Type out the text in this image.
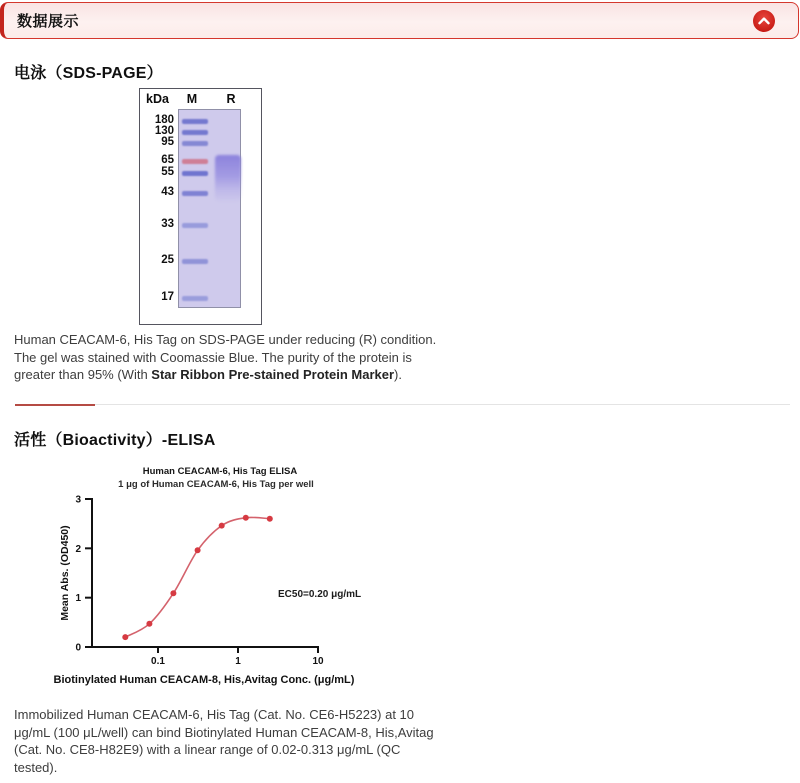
数据展示
电泳（SDS-PAGE）
kDa M R
180
130
95
65
55
43
33
25
17

Human CEACAM-6, His Tag on SDS-PAGE under reducing (R) condition. The gel was stained with Coomassie Blue. The purity of the protein is greater than 95% (With Star Ribbon Pre-stained Protein Marker).

活性（Bioactivity）-ELISA
Human CEACAM-6, His Tag ELISA
1 μg of Human CEACAM-6, His Tag per well
Mean Abs. (OD450)
Biotinylated Human CEACAM-8, His,Avitag Conc. (μg/mL)
0
1
2
3
0.1	1	10
EC50=0.20 μg/mL

Immobilized Human CEACAM-6, His Tag (Cat. No. CE6-H5223) at 10 μg/mL (100 μL/well) can bind Biotinylated Human CEACAM-8, His,Avitag (Cat. No. CE8-H82E9) with a linear range of 0.02-0.313 μg/mL (QC tested).
